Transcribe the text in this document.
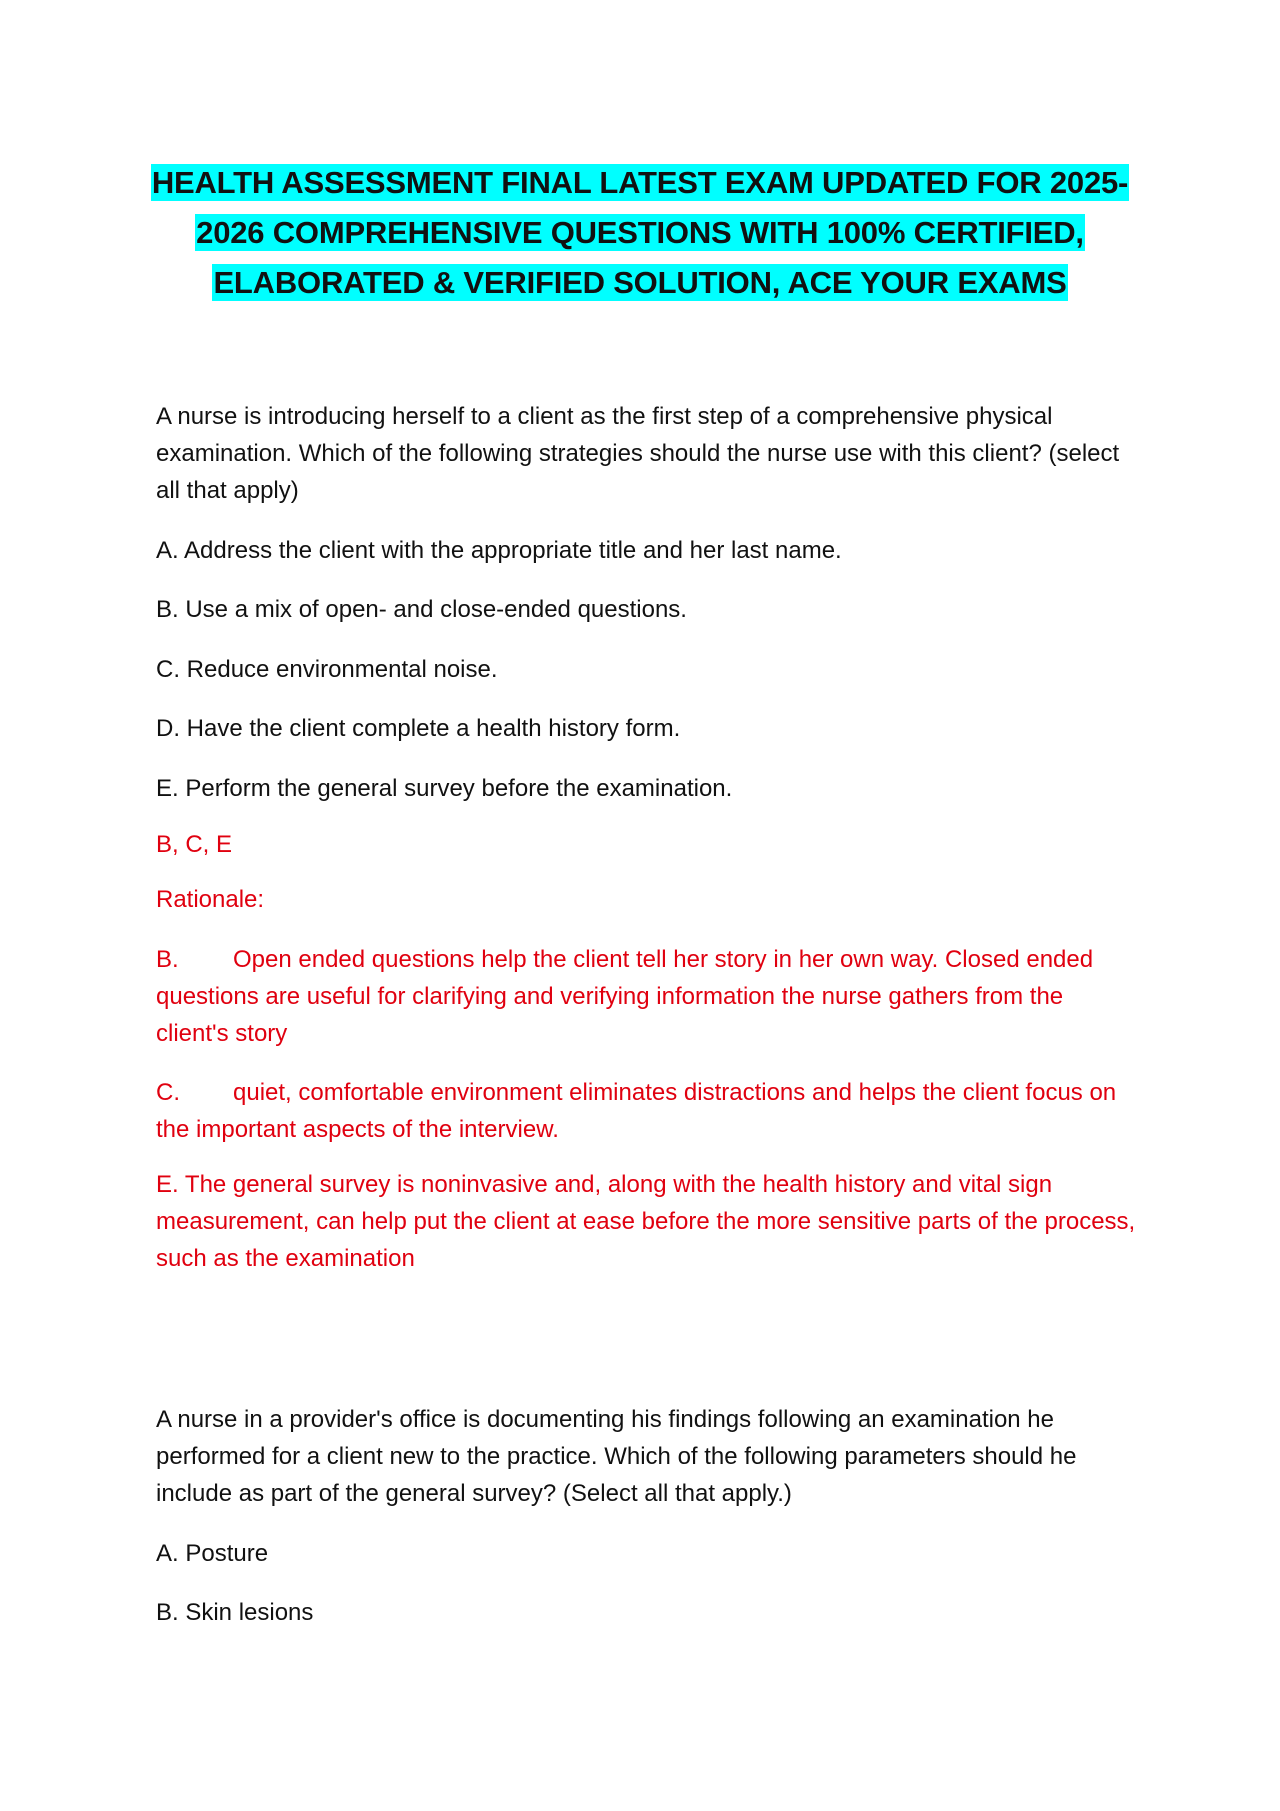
HEALTH ASSESSMENT FINAL LATEST EXAM UPDATED FOR 2025-2026 COMPREHENSIVE QUESTIONS WITH 100% CERTIFIED, ELABORATED & VERIFIED SOLUTION, ACE YOUR EXAMS
A nurse is introducing herself to a client as the first step of a comprehensive physical examination. Which of the following strategies should the nurse use with this client? (select all that apply)
A. Address the client with the appropriate title and her last name.
B. Use a mix of open- and close-ended questions.
C. Reduce environmental noise.
D. Have the client complete a health history form.
E. Perform the general survey before the examination.
B, C, E
Rationale:
B. Open ended questions help the client tell her story in her own way. Closed ended questions are useful for clarifying and verifying information the nurse gathers from the client's story
C. quiet, comfortable environment eliminates distractions and helps the client focus on the important aspects of the interview.
E. The general survey is noninvasive and, along with the health history and vital sign measurement, can help put the client at ease before the more sensitive parts of the process, such as the examination
A nurse in a provider's office is documenting his findings following an examination he performed for a client new to the practice. Which of the following parameters should he include as part of the general survey? (Select all that apply.)
A. Posture
B. Skin lesions
